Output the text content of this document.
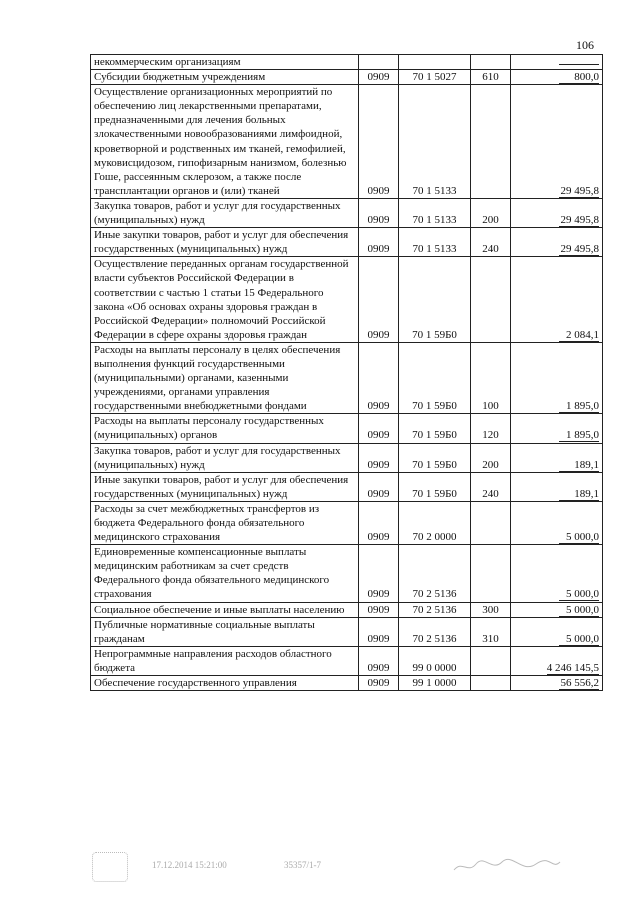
106
некоммерческим организациям				
Субсидии бюджетным учреждениям	0909	70 1 5027	610	800,0
Осуществление организационных мероприятий по обеспечению лиц лекарственными препаратами, предназначенными для лечения больных злокачественными новообразованиями лимфоидной, кроветворной и родственных им тканей, гемофилией, муковисцидозом, гипофизарным нанизмом, болезнью Гоше, рассеянным склерозом, а также после трансплантации органов и (или) тканей	0909	70 1 5133		29 495,8
Закупка товаров, работ и услуг для государственных (муниципальных) нужд	0909	70 1 5133	200	29 495,8
Иные закупки товаров, работ и услуг для обеспечения государственных (муниципальных) нужд	0909	70 1 5133	240	29 495,8
Осуществление переданных органам государственной власти субъектов Российской Федерации в соответствии с частью 1 статьи 15 Федерального закона «Об основах охраны здоровья граждан в Российской Федерации» полномочий Российской Федерации в сфере охраны здоровья граждан	0909	70 1 59Б0		2 084,1
Расходы на выплаты персоналу в целях обеспечения выполнения функций государственными (муниципальными) органами, казенными учреждениями, органами управления государственными внебюджетными фондами	0909	70 1 59Б0	100	1 895,0
Расходы на выплаты персоналу государственных (муниципальных) органов	0909	70 1 59Б0	120	1 895,0
Закупка товаров, работ и услуг для государственных (муниципальных) нужд	0909	70 1 59Б0	200	189,1
Иные закупки товаров, работ и услуг для обеспечения государственных (муниципальных) нужд	0909	70 1 59Б0	240	189,1
Расходы за счет межбюджетных трансфертов из бюджета Федерального фонда обязательного медицинского страхования	0909	70 2 0000		5 000,0
Единовременные компенсационные выплаты медицинским работникам за счет средств Федерального фонда обязательного медицинского страхования	0909	70 2 5136		5 000,0
Социальное обеспечение и иные выплаты населению	0909	70 2 5136	300	5 000,0
Публичные нормативные социальные выплаты гражданам	0909	70 2 5136	310	5 000,0
Непрограммные направления расходов областного бюджета	0909	99 0 0000		4 246 145,5
Обеспечение государственного управления	0909	99 1 0000		56 556,2
17.12.2014 15:21:00	35357/1-7
